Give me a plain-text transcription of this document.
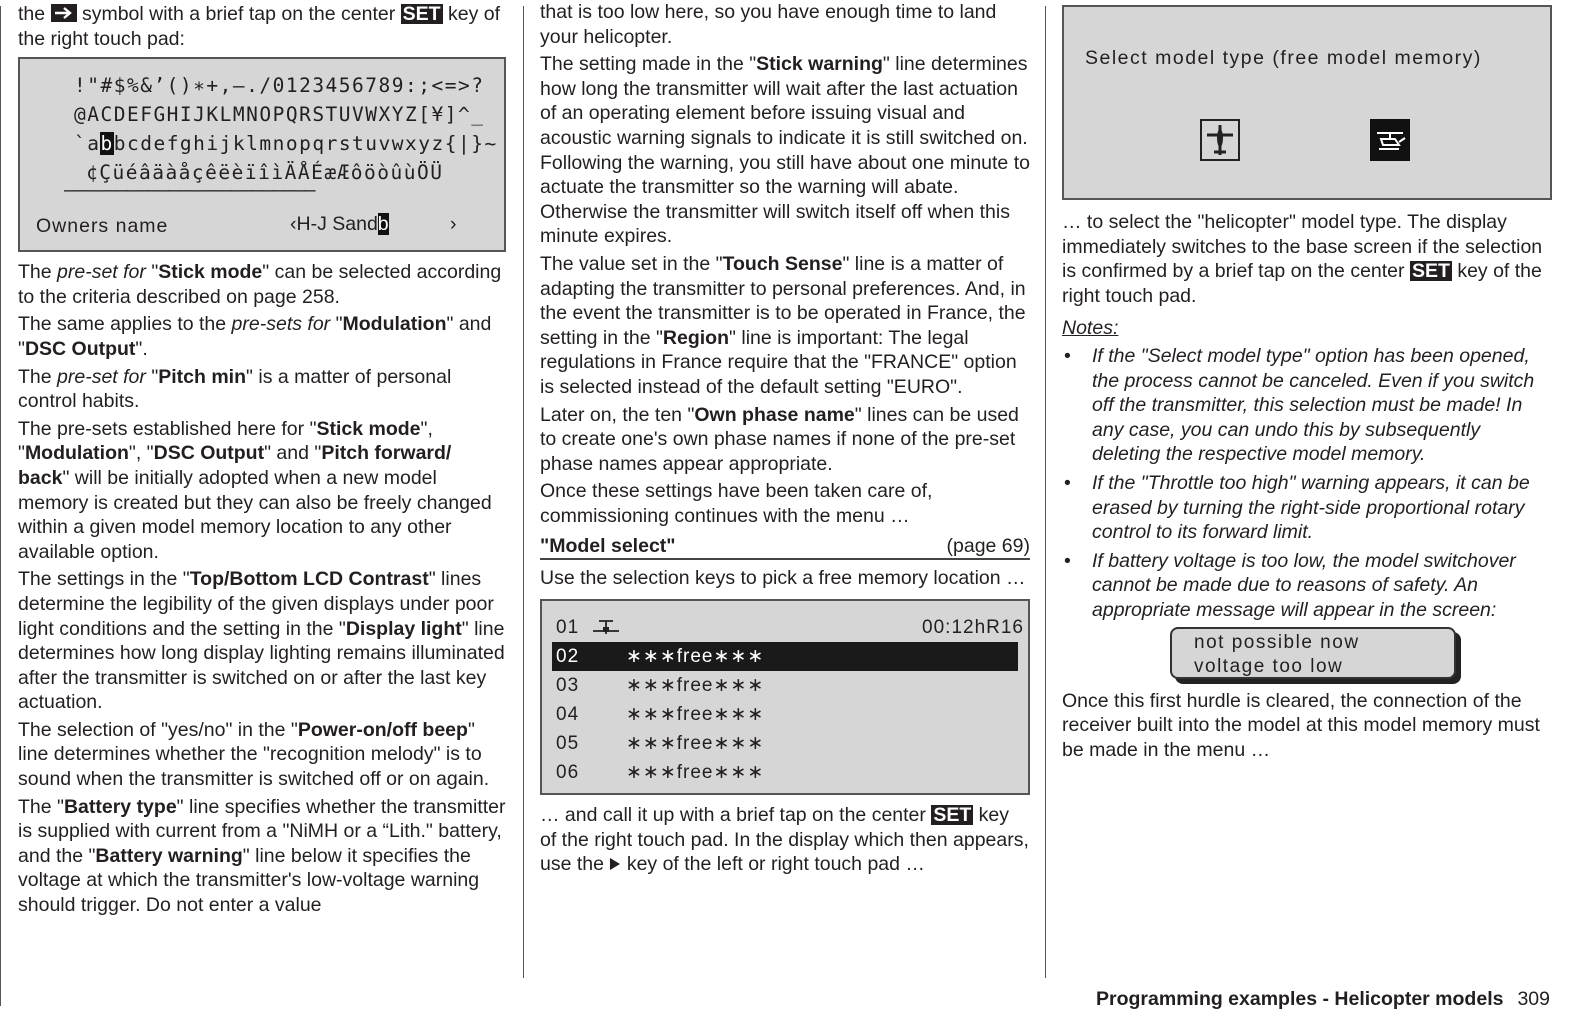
the symbol with a brief tap on the center SET key of the right touch pad:

!"#$%&’()∗+,–./0123456789:;<=>?
@ACDEFGHIJKLMNOPQRSTUVWXYZ[¥]^_
`abbcdefghijklmnopqrstuvwxyz{|}~
¢ÇüéâäàåçêëèïîìÄÅÉæÆôöòûùÖÜ
––––––––––––––––––––––––
Owners name	‹H-J Sandb	›

The pre-set for "Stick mode" can be selected according to the criteria described on page 258.

The same applies to the pre-sets for "Modulation" and "DSC Output".

The pre-set for "Pitch min" is a matter of personal control habits.

The pre-sets established here for "Stick mode", "Modulation", "DSC Output" and "Pitch forward/ back" will be initially adopted when a new model memory is created but they can also be freely changed within a given model memory location to any other available option.

The settings in the "Top/Bottom LCD Contrast" lines determine the legibility of the given displays under poor light conditions and the setting in the "Display light" line determines how long display lighting remains illuminated after the transmitter is switched on or after the last key actuation.

The selection of "yes/no" in the "Power-on/off beep" line determines whether the "recognition melody" is to sound when the transmitter is switched off or on again.

The "Battery type" line specifies whether the transmitter is supplied with current from a "NiMH or a “Lith." battery, and the "Battery warning" line below it specifies the voltage at which the transmitter's low-voltage warning should trigger. Do not enter a value

that is too low here, so you have enough time to land your helicopter.

The setting made in the "Stick warning" line determines how long the transmitter will wait after the last actuation of an operating element before issuing visual and acoustic warning signals to indicate it is still switched on. Following the warning, you still have about one minute to actuate the transmitter so the warning will abate. Otherwise the transmitter will switch itself off when this minute expires.

The value set in the "Touch Sense" line is a matter of adapting the transmitter to personal preferences. And, in the event the transmitter is to be operated in France, the setting in the "Region" line is important: The legal regulations in France require that the "FRANCE" option is selected instead of the default setting "EURO".

Later on, the ten "Own phase name" lines can be used to create one's own phase names if none of the pre-set phase names appear appropriate.

Once these settings have been taken care of, commissioning continues with the menu …

"Model select"	(page 69)

Use the selection keys to pick a free memory location …

01	00:12hR16
02	∗∗∗free∗∗∗
03	∗∗∗free∗∗∗
04	∗∗∗free∗∗∗
05	∗∗∗free∗∗∗
06	∗∗∗free∗∗∗

… and call it up with a brief tap on the center SET key of the right touch pad. In the display which then appears, use the key of the left or right touch pad …

Select model type (free model memory)

… to select the "helicopter" model type. The display immediately switches to the base screen if the selection is confirmed by a brief tap on the center SET key of the right touch pad.

Notes:

• If the "Select model type" option has been opened, the process cannot be canceled. Even if you switch off the transmitter, this selection must be made! In any case, you can undo this by subsequently deleting the respective model memory.
• If the "Throttle too high" warning appears, it can be erased by turning the right-side proportional rotary control to its forward limit.
• If battery voltage is too low, the model switchover cannot be made due to reasons of safety. An appropriate message will appear in the screen:
not possible now
voltage too low

Once this first hurdle is cleared, the connection of the receiver built into the model at this model memory must be made in the menu …

Programming examples - Helicopter models 309
